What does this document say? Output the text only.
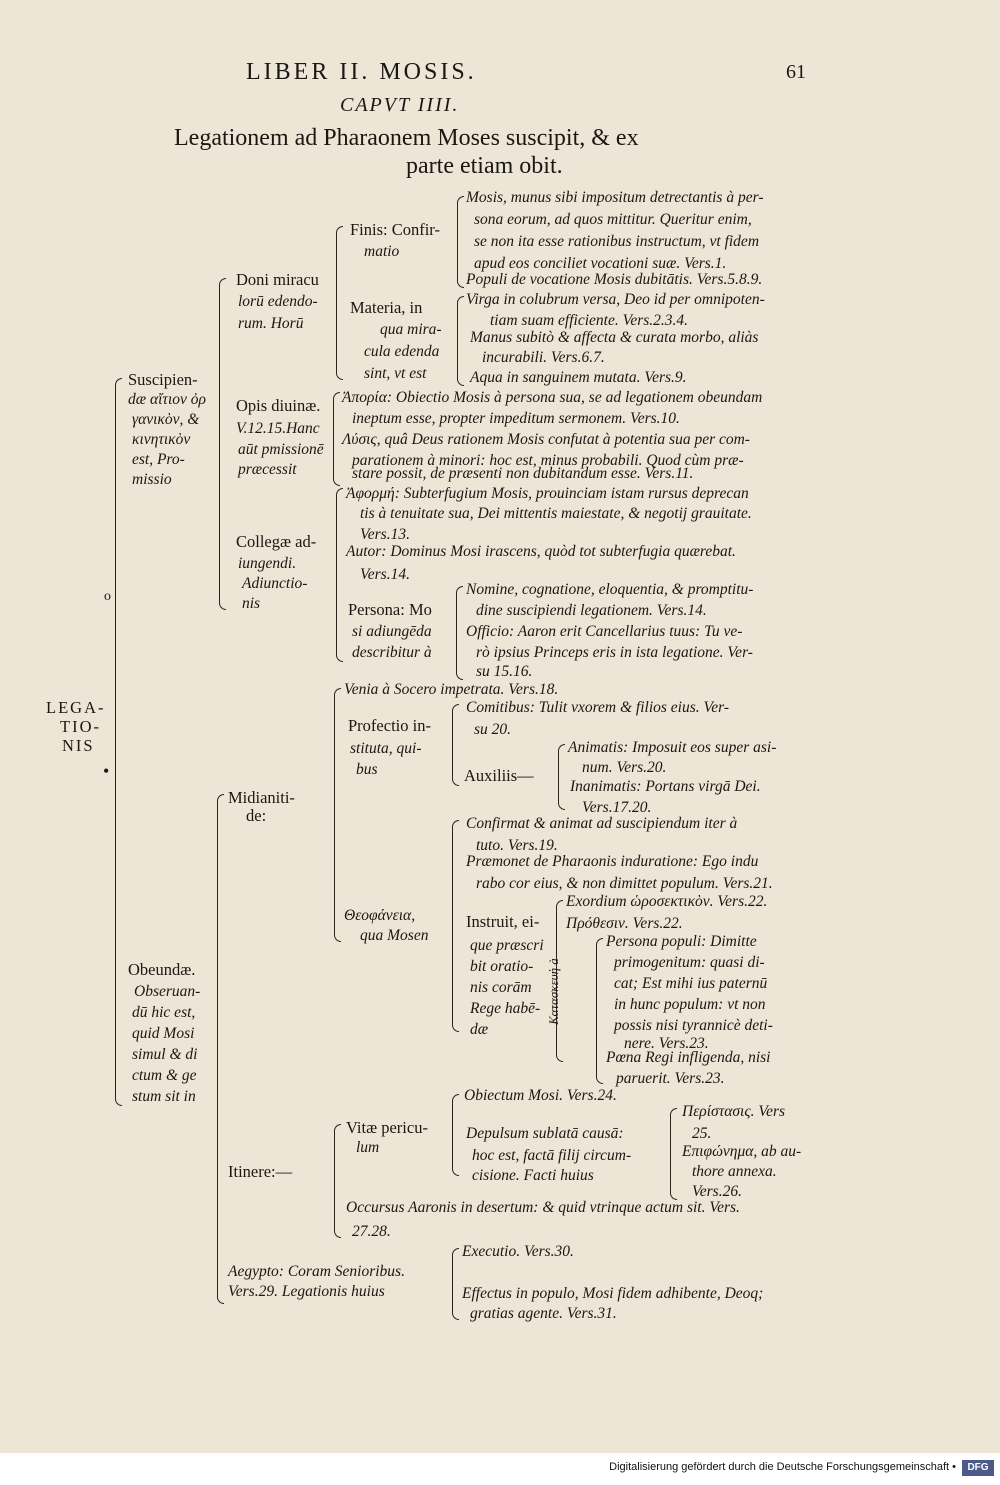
LIBER II. MOSIS.	61
CAPVT IIII.
Legationem ad Pharaonem Moses suscipit, & ex
parte etiam obit.
LEGA-
TIO-
NIS
o
•
Suscipien-
dæ αἴτιον ὀρ
γανικὸν, &
κινητικὸν
est, Pro-
missio
Doni miracu
lorū edendo-
rum. Horū
Finis: Confir-
matio
Mosis, munus sibi impositum detrectantis à per-
sona eorum, ad quos mittitur. Queritur enim,
se non ita esse rationibus instructum, vt fidem
apud eos conciliet vocationi suæ. Vers.1.
Populi de vocatione Mosis dubitātis. Vers.5.8.9.
Materia, in
qua mira-
cula edenda
sint, vt est
Virga in colubrum versa, Deo id per omnipoten-
tiam suam efficiente. Vers.2.3.4.
Manus subitò & affecta & curata morbo, aliàs
incurabili. Vers.6.7.
Aqua in sanguinem mutata. Vers.9.
Opis diuinæ.
V.12.15.Hanc
aūt pmissionē
præcessit
Ἀπορία: Obiectio Mosis à persona sua, se ad legationem obeundam
ineptum esse, propter impeditum sermonem. Vers.10.
Λύσις, quâ Deus rationem Mosis confutat à potentia sua per com-
parationem à minori: hoc est, minus probabili. Quod cùm præ-
stare possit, de præsenti non dubitandum esse. Vers.11.
Collegæ ad-
iungendi.
Adiunctio-
nis
Ἀφορμή: Subterfugium Mosis, prouinciam istam rursus deprecan
tis à tenuitate sua, Dei mittentis maiestate, & negotij grauitate.
Vers.13.
Autor: Dominus Mosi irascens, quòd tot subterfugia quærebat.
Vers.14.
Persona: Mo
si adiungēda
describitur à
Nomine, cognatione, eloquentia, & promptitu-
dine suscipiendi legationem. Vers.14.
Officio: Aaron erit Cancellarius tuus: Tu ve-
rò ipsius Princeps eris in ista legatione. Ver-
su 15.16.
Obeundæ.
Obseruan-
dū hic est,
quid Mosi
simul & di
ctum & ge
stum sit in
Midianiti-
de:
Venia à Socero impetrata. Vers.18.
Profectio in-
stituta, qui-
bus
Comitibus: Tulit vxorem & filios eius. Ver-
su 20.
Auxiliis—
Animatis: Imposuit eos super asi-
num. Vers.20.
Inanimatis: Portans virgā Dei.
Vers.17.20.
Θεοφάνεια,
qua Mosen
Confirmat & animat ad suscipiendum iter à
tuto. Vers.19.
Præmonet de Pharaonis induratione: Ego indu
rabo cor eius, & non dimittet populum. Vers.21.
Instruit, ei-
que præscri
bit oratio-
nis corām
Rege habē-
dæ
Exordium ὡροσεκτικὸν. Vers.22.
Πρόθεσιν. Vers.22.
Κατασκευὴ à
Persona populi: Dimitte
primogenitum: quasi di-
cat; Est mihi ius paternū
in hunc populum: vt non
possis nisi tyrannicè deti-
nere. Vers.23.
Pœna Regi infligenda, nisi
paruerit. Vers.23.
Itinere:—
Vitæ pericu-
lum
Obiectum Mosi. Vers.24.
Depulsum sublatā causā:
hoc est, factā filij circum-
cisione. Facti huius
Περίστασις. Vers
25.
Επιφώνημα, ab au-
thore annexa.
Vers.26.
Occursus Aaronis in desertum: & quid vtrinque actum sit. Vers.
27.28.
Aegypto: Coram Senioribus.
Vers.29. Legationis huius
Executio. Vers.30.
Effectus in populo, Mosi fidem adhibente, Deoq;
gratias agente. Vers.31.
Digitalisierung gefördert durch die Deutsche Forschungsgemeinschaft •	DFG
